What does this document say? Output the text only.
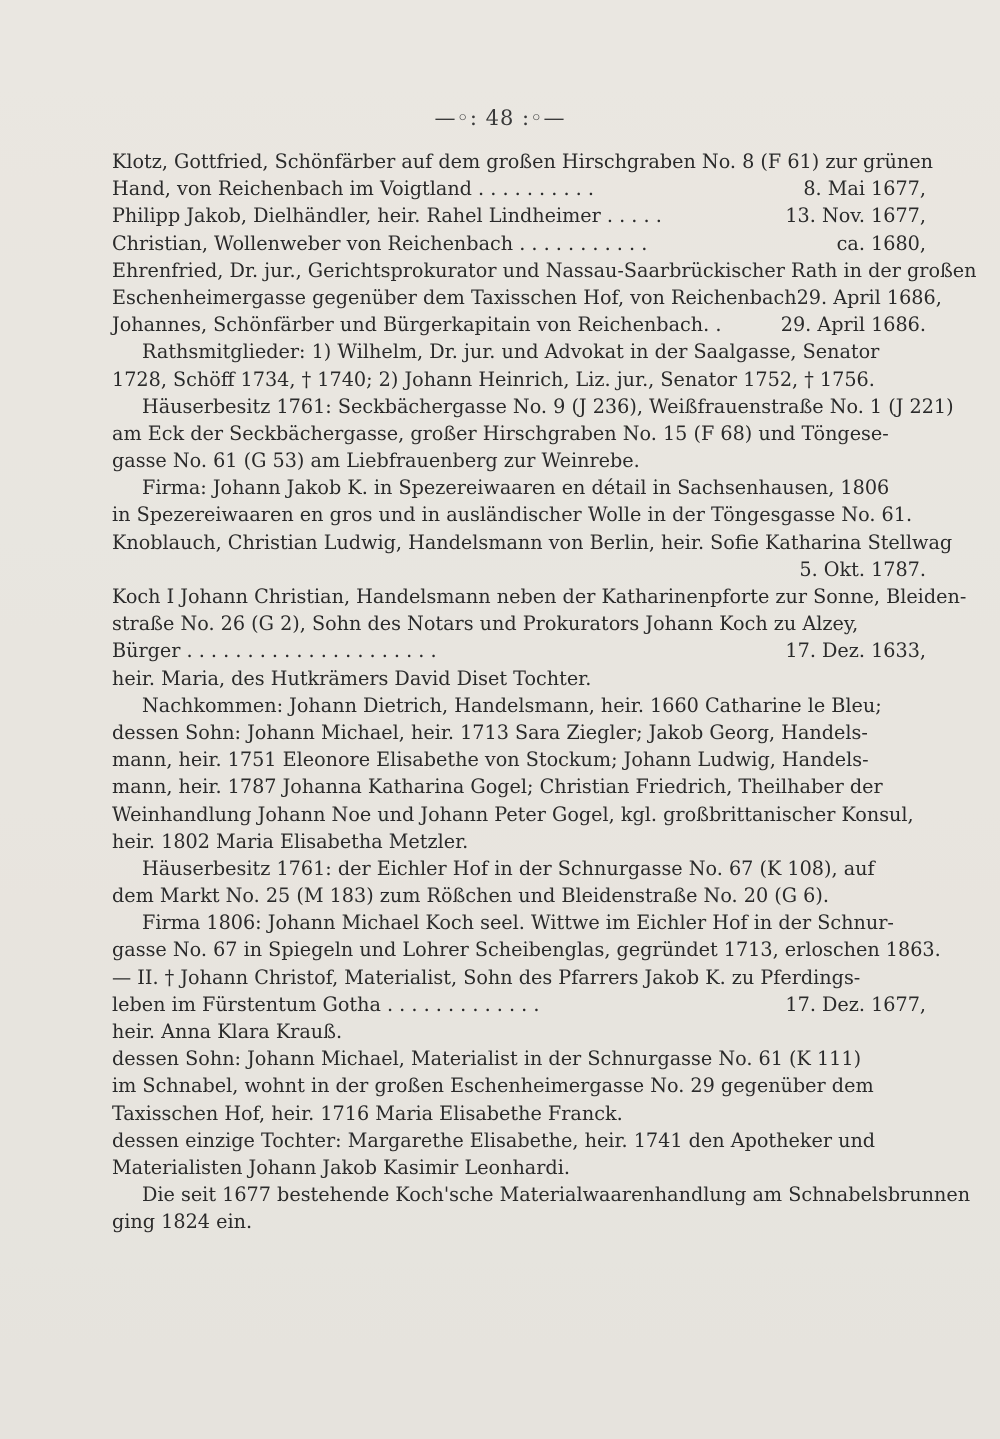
—◦: 48 :◦—
Klotz, Gottfried, Schönfärber auf dem großen Hirschgraben No. 8 (F 61) zur grünen
Hand, von Reichenbach im Voigtland . . . . . . . . . .	8. Mai 1677,
Philipp Jakob, Dielhändler, heir. Rahel Lindheimer . . . . .	13. Nov. 1677,
Christian, Wollenweber von Reichenbach . . . . . . . . . . .	ca. 1680,
Ehrenfried, Dr. jur., Gerichtsprokurator und Nassau-Saarbrückischer Rath in der großen
Eschenheimergasse gegenüber dem Taxisschen Hof, von Reichenbach 29. April 1686,
Johannes, Schönfärber und Bürgerkapitain von Reichenbach. .	29. April 1686.
Rathsmitglieder: 1) Wilhelm, Dr. jur. und Advokat in der Saalgasse, Senator
1728, Schöff 1734, † 1740; 2) Johann Heinrich, Liz. jur., Senator 1752, † 1756.
Häuserbesitz 1761: Seckbächergasse No. 9 (J 236), Weißfrauenstraße No. 1 (J 221)
am Eck der Seckbächergasse, großer Hirschgraben No. 15 (F 68) und Töngese-
gasse No. 61 (G 53) am Liebfrauenberg zur Weinrebe.
Firma: Johann Jakob K. in Spezereiwaaren en détail in Sachsenhausen, 1806
in Spezereiwaaren en gros und in ausländischer Wolle in der Töngesgasse No. 61.
Knoblauch, Christian Ludwig, Handelsmann von Berlin, heir. Sofie Katharina Stellwag
5. Okt. 1787.
Koch I Johann Christian, Handelsmann neben der Katharinenpforte zur Sonne, Bleiden-
straße No. 26 (G 2), Sohn des Notars und Prokurators Johann Koch zu Alzey,
Bürger . . . . . . . . . . . . . . . . . . . . .	17. Dez. 1633,
heir. Maria, des Hutkrämers David Diset Tochter.
Nachkommen: Johann Dietrich, Handelsmann, heir. 1660 Catharine le Bleu;
dessen Sohn: Johann Michael, heir. 1713 Sara Ziegler; Jakob Georg, Handels-
mann, heir. 1751 Eleonore Elisabethe von Stockum; Johann Ludwig, Handels-
mann, heir. 1787 Johanna Katharina Gogel; Christian Friedrich, Theilhaber der
Weinhandlung Johann Noe und Johann Peter Gogel, kgl. großbrittanischer Konsul,
heir. 1802 Maria Elisabetha Metzler.
Häuserbesitz 1761: der Eichler Hof in der Schnurgasse No. 67 (K 108), auf
dem Markt No. 25 (M 183) zum Rößchen und Bleidenstraße No. 20 (G 6).
Firma 1806: Johann Michael Koch seel. Wittwe im Eichler Hof in der Schnur-
gasse No. 67 in Spiegeln und Lohrer Scheibenglas, gegründet 1713, erloschen 1863.
— II. † Johann Christof, Materialist, Sohn des Pfarrers Jakob K. zu Pferdings-
leben im Fürstentum Gotha . . . . . . . . . . . . .	17. Dez. 1677,
heir. Anna Klara Krauß.
dessen Sohn: Johann Michael, Materialist in der Schnurgasse No. 61 (K 111)
im Schnabel, wohnt in der großen Eschenheimergasse No. 29 gegenüber dem
Taxisschen Hof, heir. 1716 Maria Elisabethe Franck.
dessen einzige Tochter: Margarethe Elisabethe, heir. 1741 den Apotheker und
Materialisten Johann Jakob Kasimir Leonhardi.
Die seit 1677 bestehende Koch'sche Materialwaarenhandlung am Schnabelsbrunnen
ging 1824 ein.
